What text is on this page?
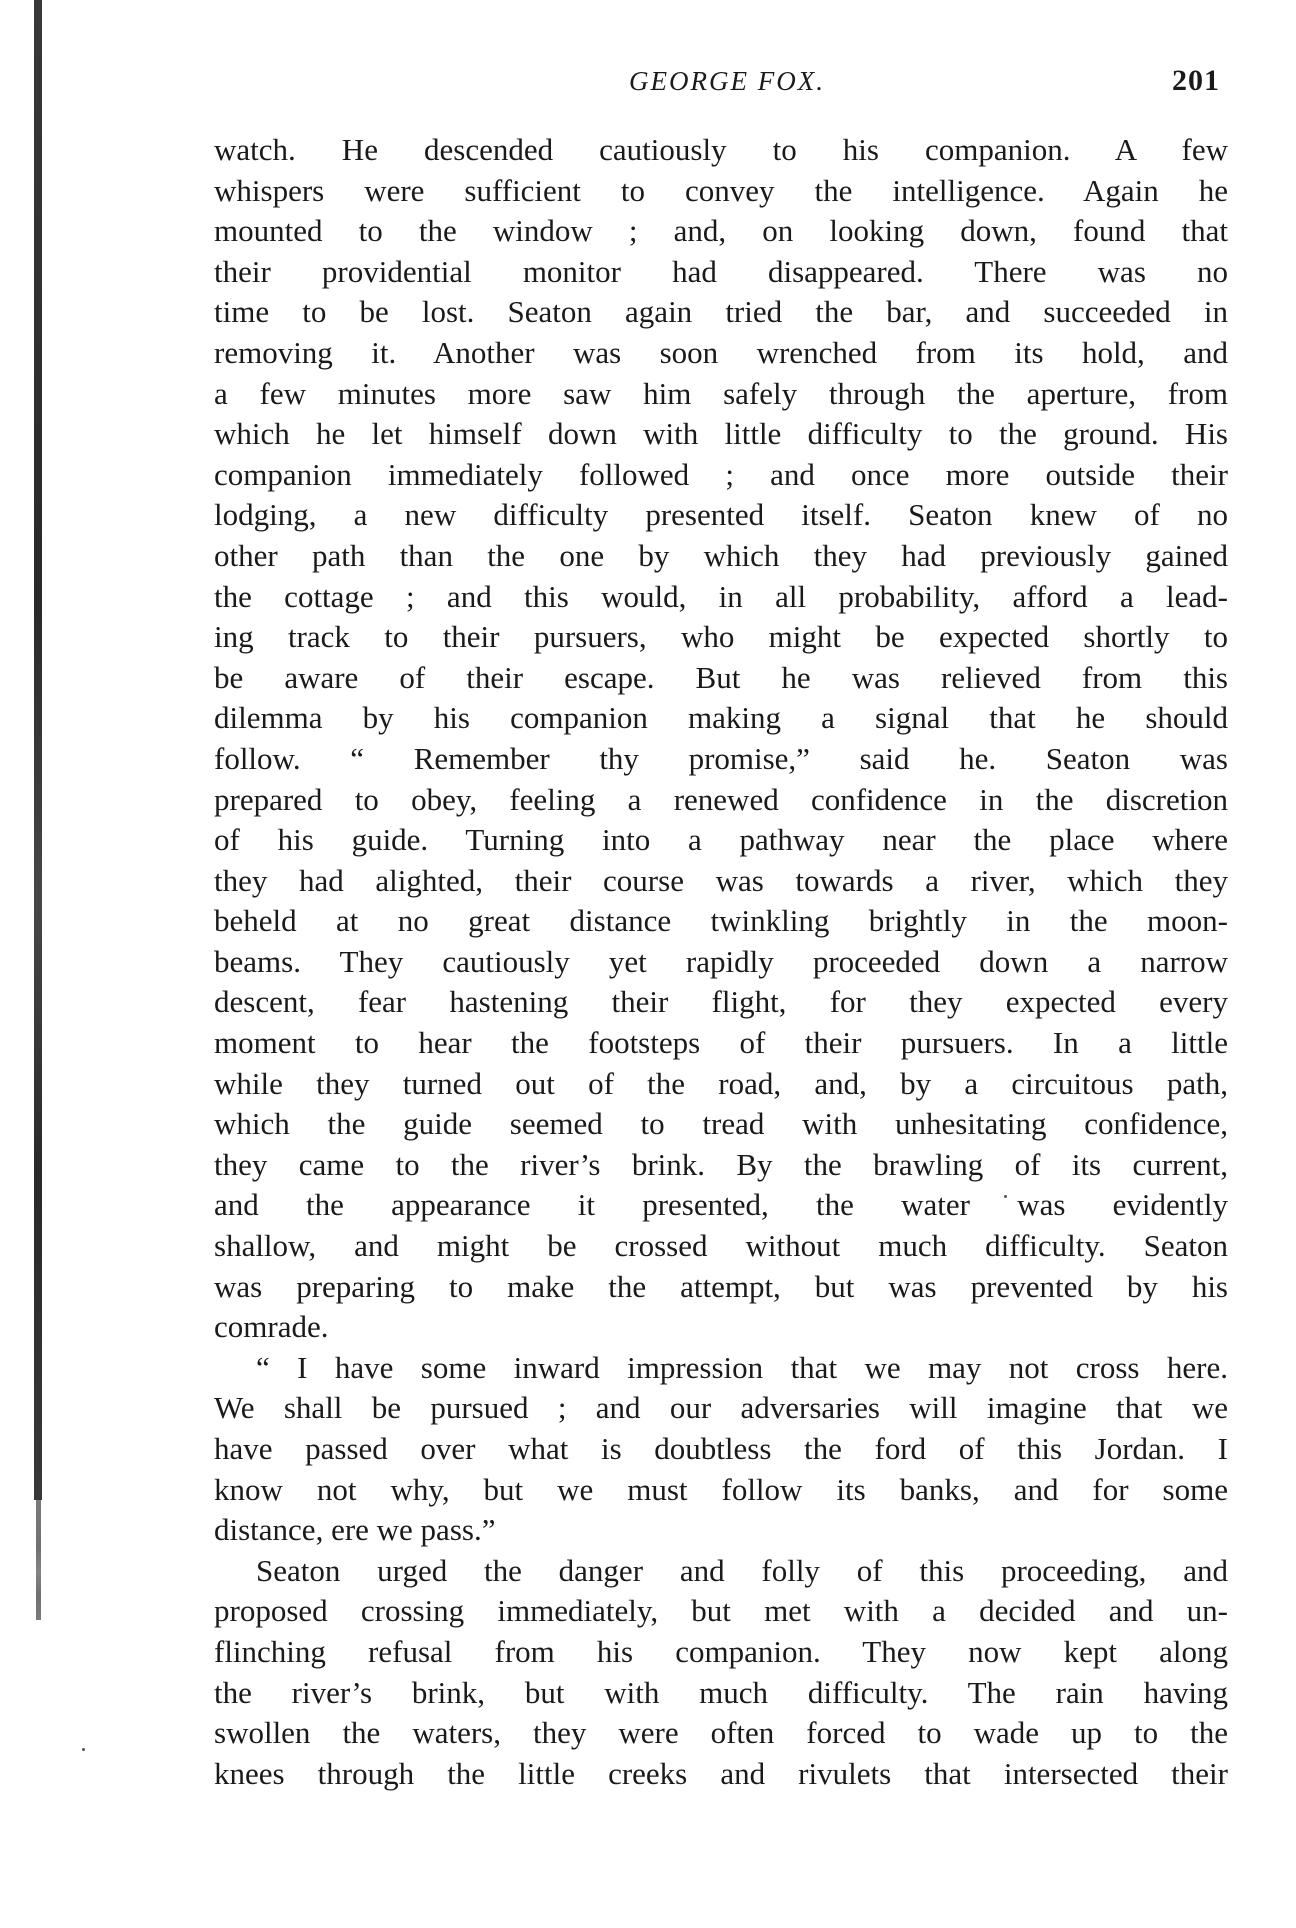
GEORGE FOX.	201
watch. He descended cautiously to his companion. A few
whispers were sufficient to convey the intelligence. Again he
mounted to the window ; and, on looking down, found that
their providential monitor had disappeared. There was no
time to be lost. Seaton again tried the bar, and succeeded in
removing it. Another was soon wrenched from its hold, and
a few minutes more saw him safely through the aperture, from
which he let himself down with little difficulty to the ground. His
companion immediately followed ; and once more outside their
lodging, a new difficulty presented itself. Seaton knew of no
other path than the one by which they had previously gained
the cottage ; and this would, in all probability, afford a lead-
ing track to their pursuers, who might be expected shortly to
be aware of their escape. But he was relieved from this
dilemma by his companion making a signal that he should
follow. “ Remember thy promise,” said he. Seaton was
prepared to obey, feeling a renewed confidence in the discretion
of his guide. Turning into a pathway near the place where
they had alighted, their course was towards a river, which they
beheld at no great distance twinkling brightly in the moon-
beams. They cautiously yet rapidly proceeded down a narrow
descent, fear hastening their flight, for they expected every
moment to hear the footsteps of their pursuers. In a little
while they turned out of the road, and, by a circuitous path,
which the guide seemed to tread with unhesitating confidence,
they came to the river’s brink. By the brawling of its current,
and the appearance it presented, the water was evidently
shallow, and might be crossed without much difficulty. Seaton
was preparing to make the attempt, but was prevented by his
comrade.
“ I have some inward impression that we may not cross here.
We shall be pursued ; and our adversaries will imagine that we
have passed over what is doubtless the ford of this Jordan. I
know not why, but we must follow its banks, and for some
distance, ere we pass.”
Seaton urged the danger and folly of this proceeding, and
proposed crossing immediately, but met with a decided and un-
flinching refusal from his companion. They now kept along
the river’s brink, but with much difficulty. The rain having
swollen the waters, they were often forced to wade up to the
knees through the little creeks and rivulets that intersected their
